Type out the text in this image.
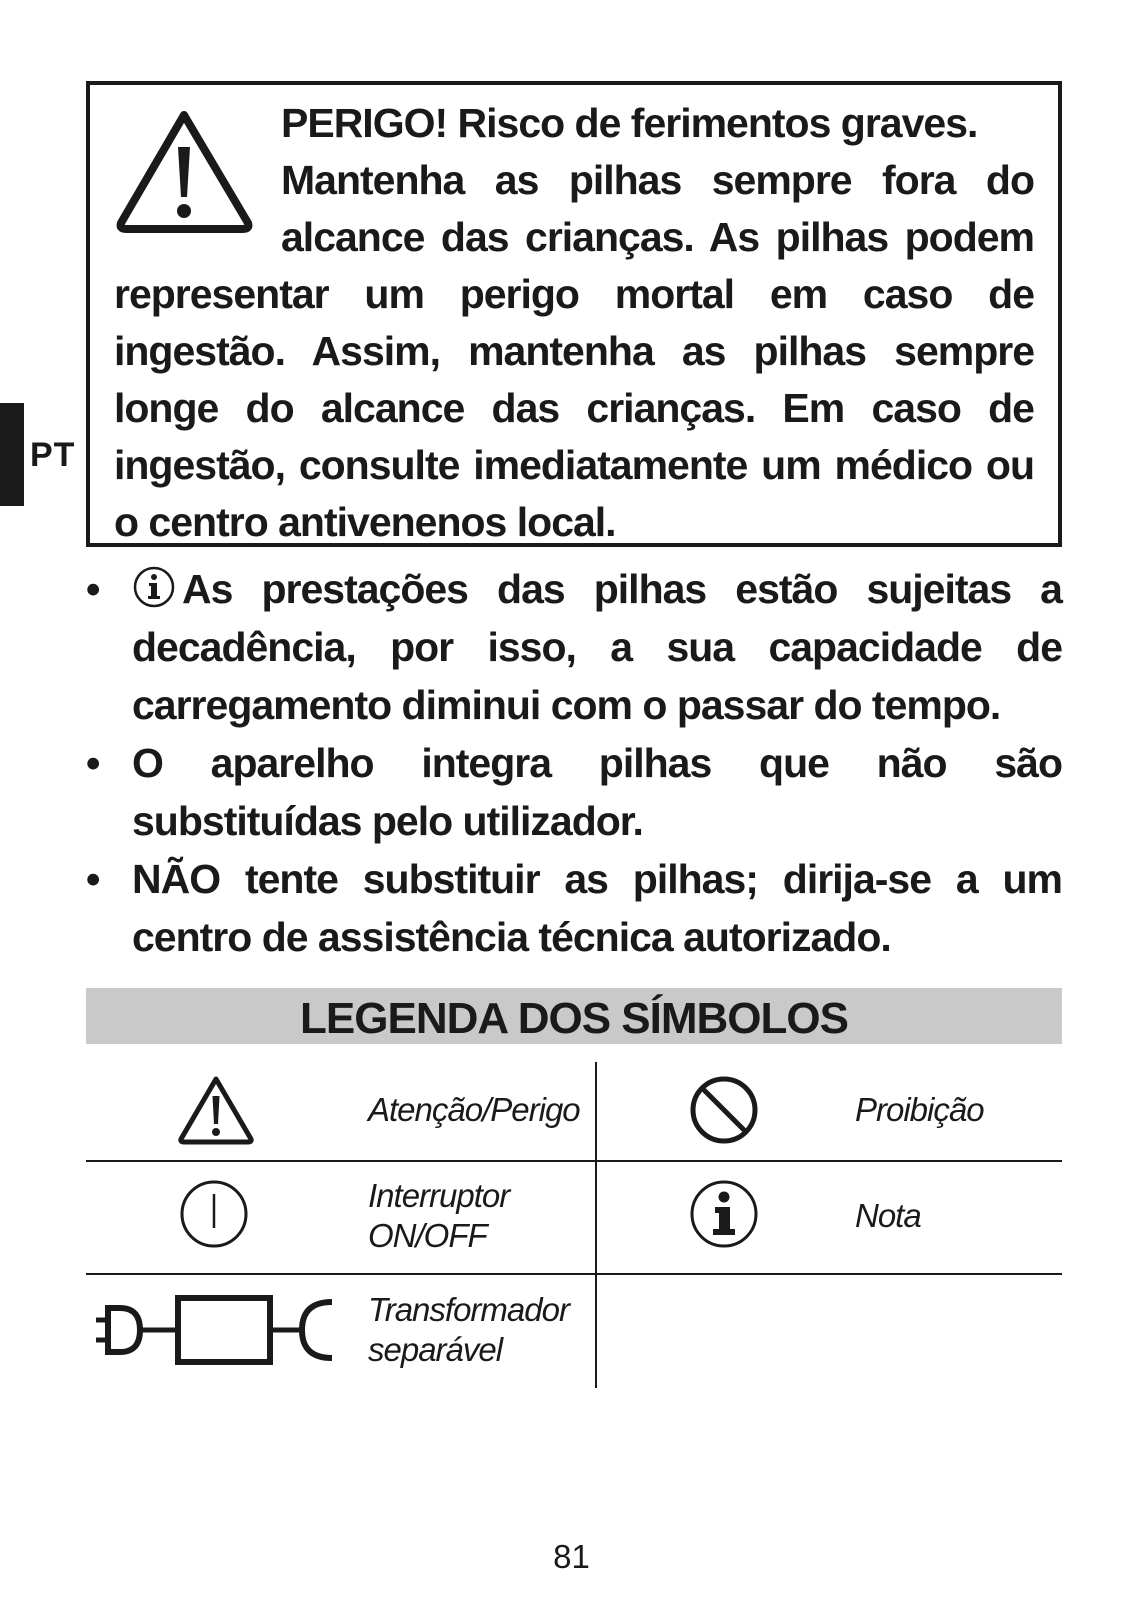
PT
PERIGO! Risco de ferimentos graves.
Mantenha as pilhas sempre fora do alcance das crianças. As pilhas podem representar um perigo mortal em caso de ingestão. Assim, mantenha as pilhas sempre longe do alcance das crianças. Em caso de ingestão, consulte imediatamente um médico ou o centro antivenenos local.
• As prestações das pilhas estão sujeitas a decadência, por isso, a sua capacidade de carregamento diminui com o passar do tempo.
• O aparelho integra pilhas que não são substituídas pelo utilizador.
• NÃO tente substituir as pilhas; dirija-se a um centro de assistência técnica autorizado.
LEGENDA DOS SÍMBOLOS
Atenção/Perigo	Proibição
Interruptor
ON/OFF
Nota
Transformador
separável
81
